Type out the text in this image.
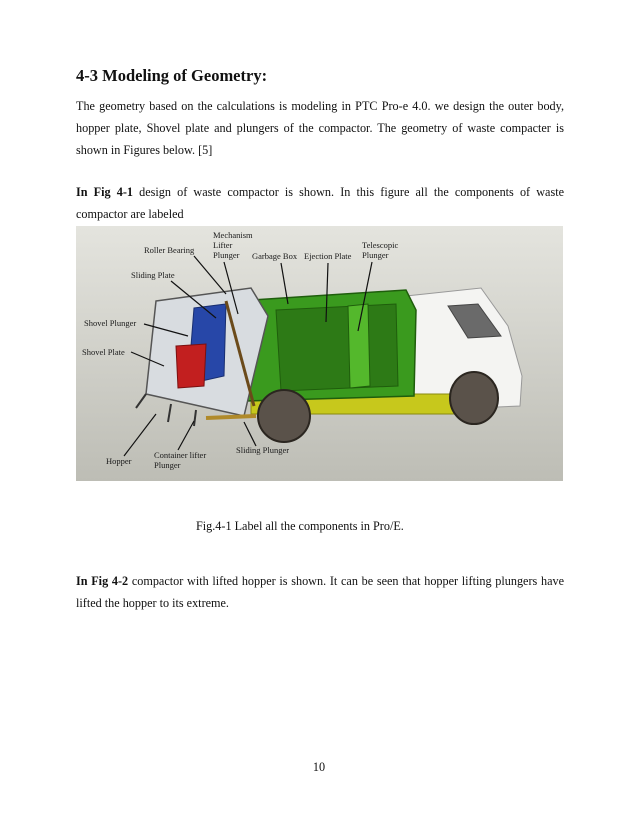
4-3 Modeling of Geometry:
The geometry based on the calculations is modeling in PTC Pro-e 4.0. we design the outer body, hopper plate, Shovel plate and plungers of the compactor. The geometry of waste compacter is shown in Figures below. [5]
In Fig 4-1 design of waste compactor is shown. In this figure all the components of waste compactor are labeled
Mechanism
Lifter
Plunger
Roller Bearing
Garbage Box Ejection Plate
Telescopic
Plunger
Sliding Plate
Shovel Plunger
Shovel Plate
Hopper
Container lifter
Plunger
Sliding Plunger
Fig.4-1 Label all the components in Pro/E.
In Fig 4-2 compactor with lifted hopper is shown. It can be seen that hopper lifting plungers have lifted the hopper to its extreme.
10
